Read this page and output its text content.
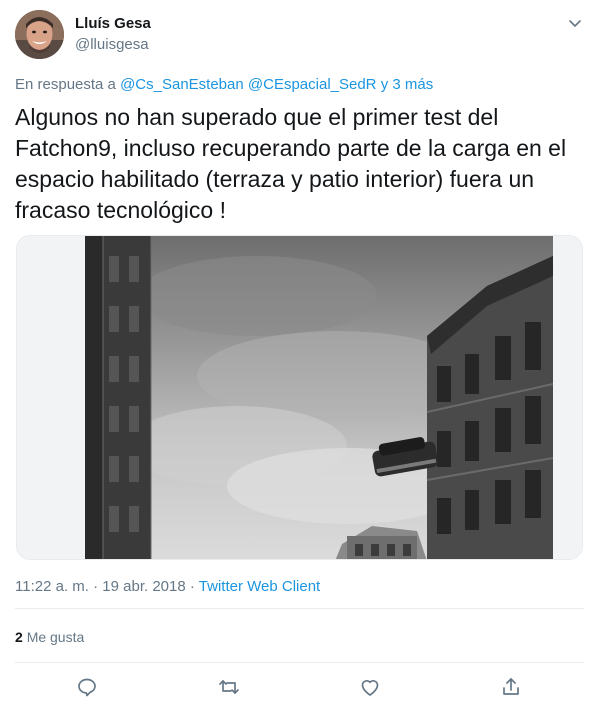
Lluís Gesa
@lluisgesa
En respuesta a @Cs_SanEsteban @CEspacial_SedR y 3 más
Algunos no han superado que el primer test del Fatchon9, incluso recuperando parte de la carga en el espacio habilitado (terraza y patio interior) fuera un fracaso tecnológico !
11:22 a. m. · 19 abr. 2018 · Twitter Web Client
2 Me gusta
